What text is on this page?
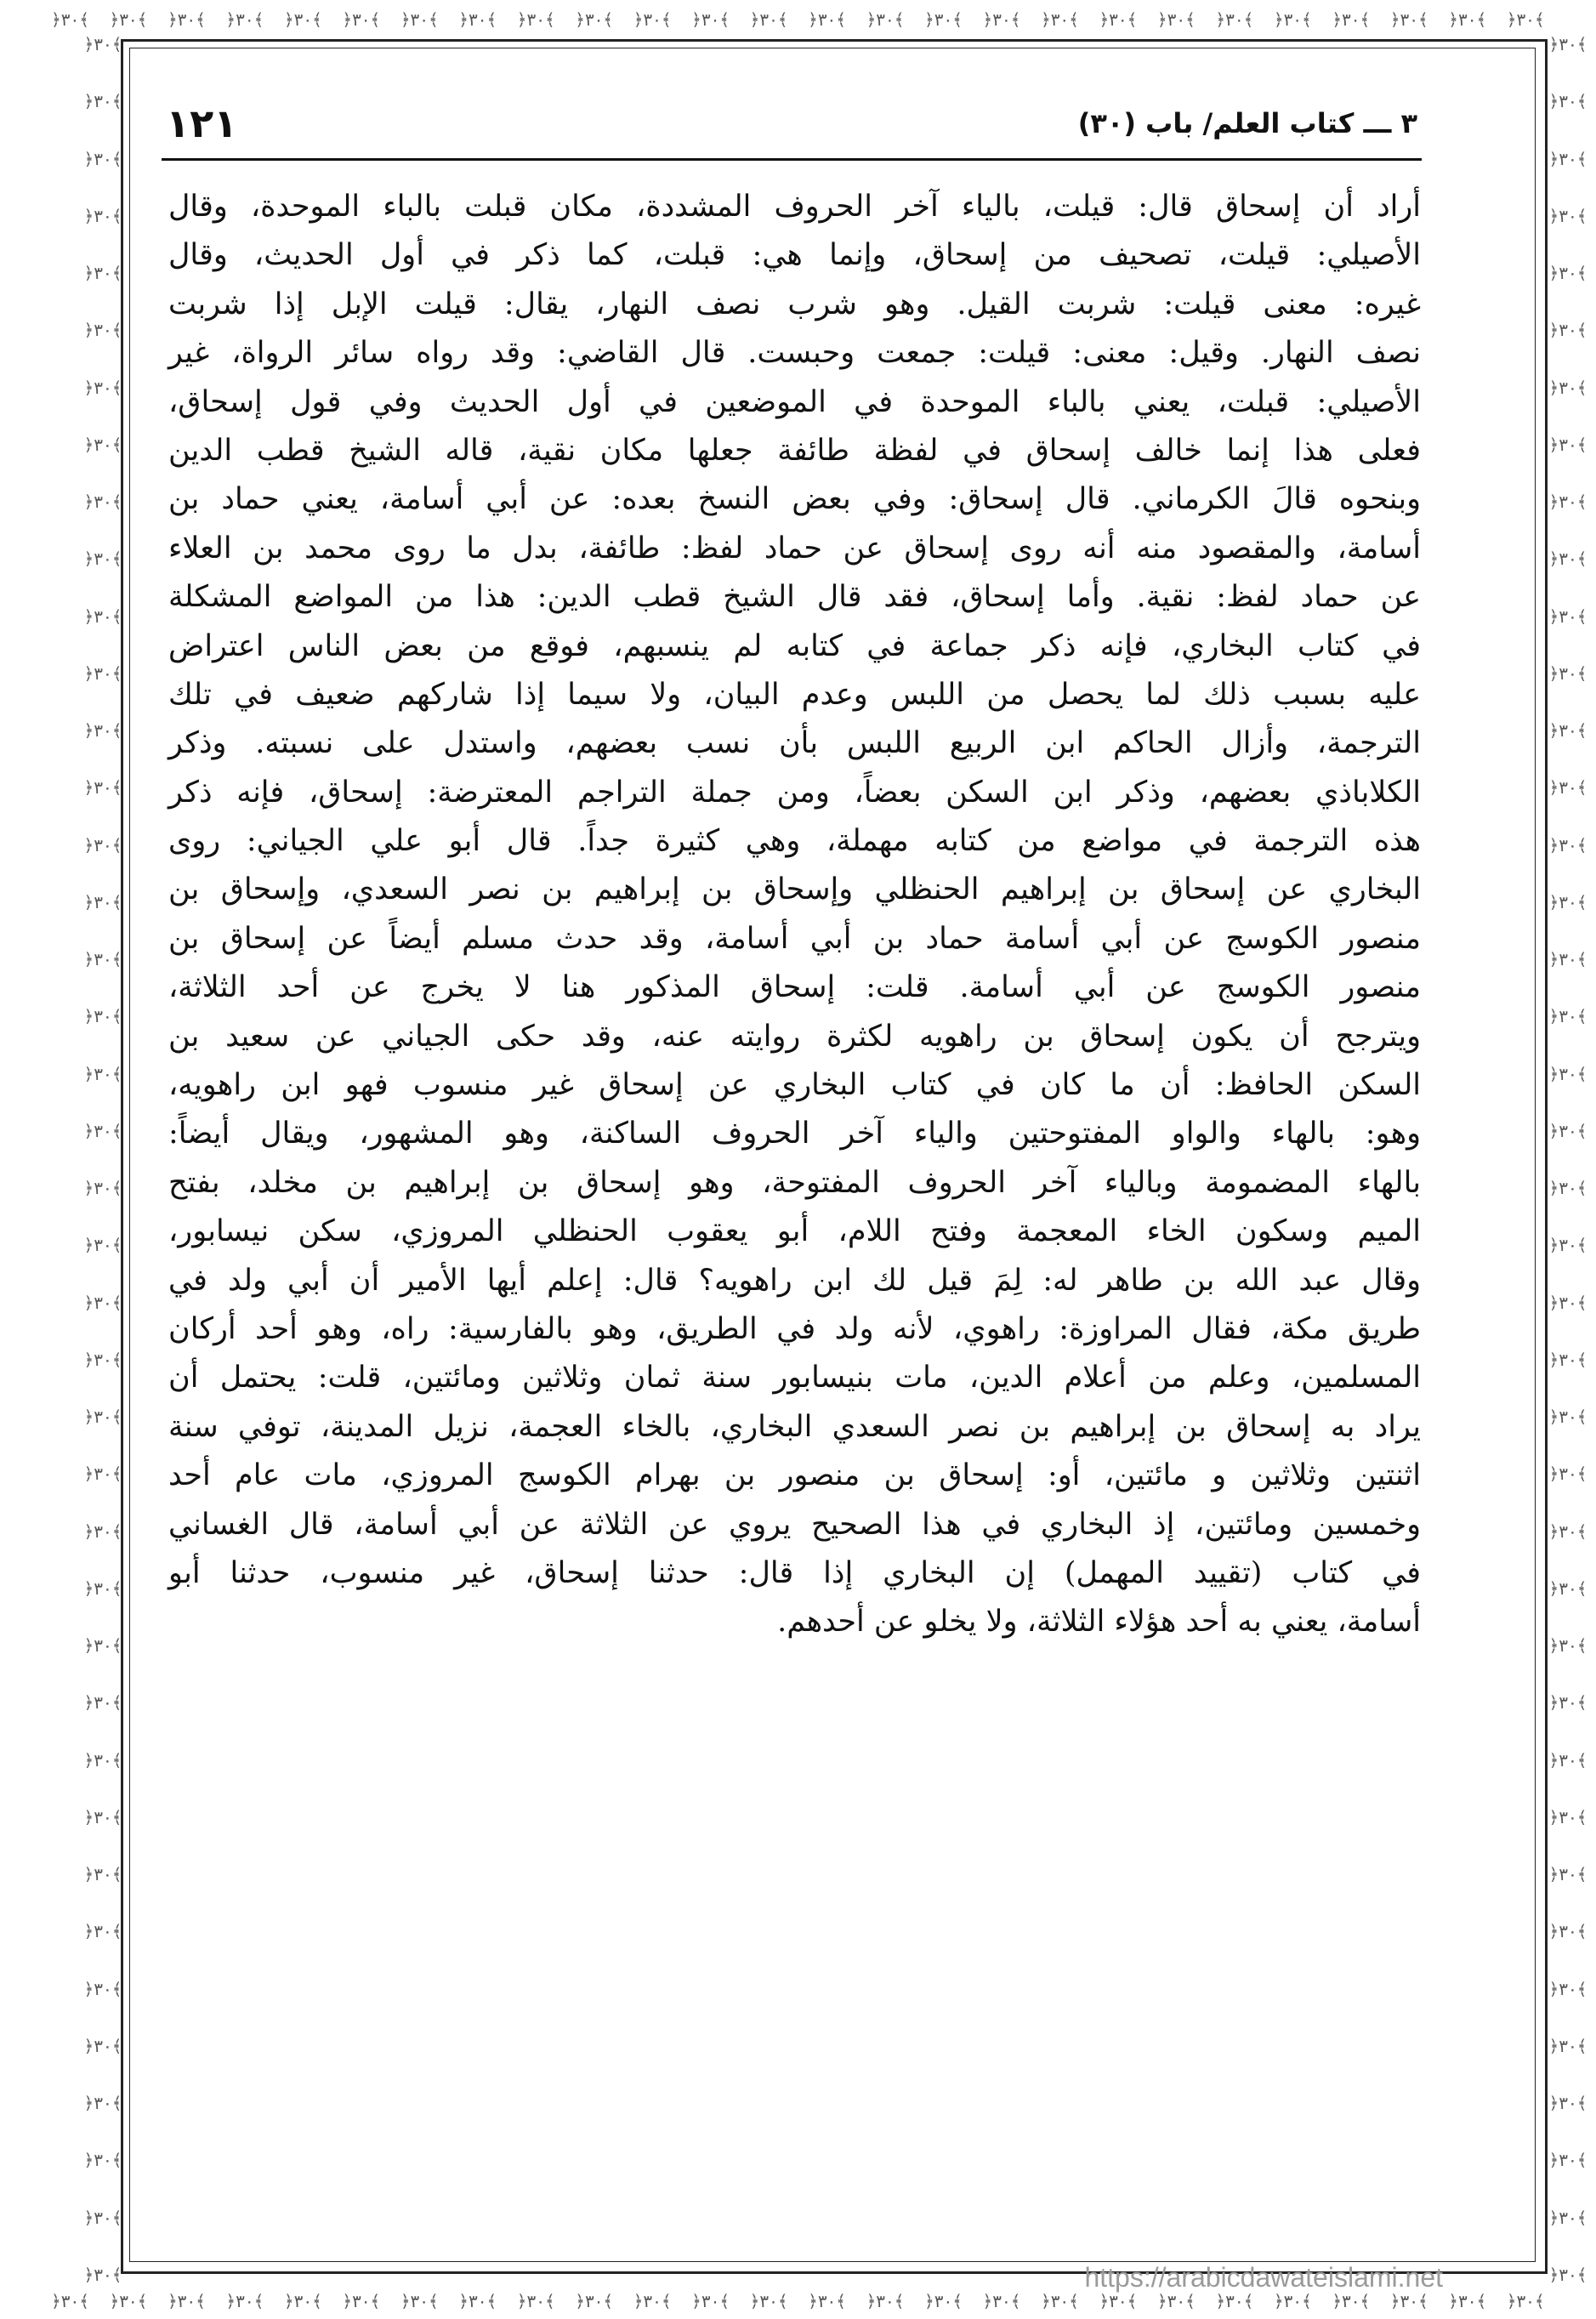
﴿٣٠﴾ ﴿٣٠﴾ ﴿٣٠﴾ ﴿٣٠﴾ ﴿٣٠﴾ ﴿٣٠﴾ ﴿٣٠﴾ ﴿٣٠﴾ ﴿٣٠﴾ ﴿٣٠﴾ ﴿٣٠﴾ ﴿٣٠﴾ ﴿٣٠﴾ ﴿٣٠﴾ ﴿٣٠﴾ ﴿٣٠﴾ ﴿٣٠﴾ ﴿٣٠﴾ ﴿٣٠﴾ ﴿٣٠﴾ ﴿٣٠﴾ ﴿٣٠﴾ ﴿٣٠﴾ ﴿٣٠﴾ ﴿٣٠﴾ ﴿٣٠﴾
﴿٣٠﴾ ﴿٣٠﴾ ﴿٣٠﴾ ﴿٣٠﴾ ﴿٣٠﴾ ﴿٣٠﴾ ﴿٣٠﴾ ﴿٣٠﴾ ﴿٣٠﴾ ﴿٣٠﴾ ﴿٣٠﴾ ﴿٣٠﴾ ﴿٣٠﴾ ﴿٣٠﴾ ﴿٣٠﴾ ﴿٣٠﴾ ﴿٣٠﴾ ﴿٣٠﴾ ﴿٣٠﴾ ﴿٣٠﴾ ﴿٣٠﴾ ﴿٣٠﴾ ﴿٣٠﴾ ﴿٣٠﴾ ﴿٣٠﴾ ﴿٣٠﴾
﴿٣٠﴾
﴿٣٠﴾
﴿٣٠﴾
﴿٣٠﴾
﴿٣٠﴾
﴿٣٠﴾
﴿٣٠﴾
﴿٣٠﴾
﴿٣٠﴾
﴿٣٠﴾
﴿٣٠﴾
﴿٣٠﴾
﴿٣٠﴾
﴿٣٠﴾
﴿٣٠﴾
﴿٣٠﴾
﴿٣٠﴾
﴿٣٠﴾
﴿٣٠﴾
﴿٣٠﴾
﴿٣٠﴾
﴿٣٠﴾
﴿٣٠﴾
﴿٣٠﴾
﴿٣٠﴾
﴿٣٠﴾
﴿٣٠﴾
﴿٣٠﴾
﴿٣٠﴾
﴿٣٠﴾
﴿٣٠﴾
﴿٣٠﴾
﴿٣٠﴾
﴿٣٠﴾
﴿٣٠﴾
﴿٣٠﴾
﴿٣٠﴾
﴿٣٠﴾
﴿٣٠﴾
﴿٣٠﴾
﴿٣٠﴾
﴿٣٠﴾
﴿٣٠﴾
﴿٣٠﴾
﴿٣٠﴾
﴿٣٠﴾
﴿٣٠﴾
﴿٣٠﴾
﴿٣٠﴾
﴿٣٠﴾
﴿٣٠﴾
﴿٣٠﴾
﴿٣٠﴾
﴿٣٠﴾
﴿٣٠﴾
﴿٣٠﴾
﴿٣٠﴾
﴿٣٠﴾
﴿٣٠﴾
﴿٣٠﴾
﴿٣٠﴾
﴿٣٠﴾
﴿٣٠﴾
﴿٣٠﴾
﴿٣٠﴾
﴿٣٠﴾
﴿٣٠﴾
﴿٣٠﴾
﴿٣٠﴾
﴿٣٠﴾
﴿٣٠﴾
﴿٣٠﴾
﴿٣٠﴾
﴿٣٠﴾
﴿٣٠﴾
﴿٣٠﴾
﴿٣٠﴾
﴿٣٠﴾
﴿٣٠﴾
﴿٣٠﴾
٣ ـــ كتاب العلم/ باب (٣٠)
١٢١
أراد أن إسحاق قال: قيلت، بالياء آخر الحروف المشددة، مكان قبلت بالباء الموحدة، وقال
الأصيلي: قيلت، تصحيف من إسحاق، وإنما هي: قبلت، كما ذكر في أول الحديث، وقال
غيره: معنى قيلت: شربت القيل. وهو شرب نصف النهار، يقال: قيلت الإبل إذا شربت
نصف النهار. وقيل: معنى: قيلت: جمعت وحبست. قال القاضي: وقد رواه سائر الرواة، غير
الأصيلي: قبلت، يعني بالباء الموحدة في الموضعين في أول الحديث وفي قول إسحاق،
فعلى هذا إنما خالف إسحاق في لفظة طائفة جعلها مكان نقية، قاله الشيخ قطب الدين
وبنحوه قالَ الكرماني. قال إسحاق: وفي بعض النسخ بعده: عن أبي أسامة، يعني حماد بن
أسامة، والمقصود منه أنه روى إسحاق عن حماد لفظ: طائفة، بدل ما روى محمد بن العلاء
عن حماد لفظ: نقية. وأما إسحاق، فقد قال الشيخ قطب الدين: هذا من المواضع المشكلة
في كتاب البخاري، فإنه ذكر جماعة في كتابه لم ينسبهم، فوقع من بعض الناس اعتراض
عليه بسبب ذلك لما يحصل من اللبس وعدم البيان، ولا سيما إذا شاركهم ضعيف في تلك
الترجمة، وأزال الحاكم ابن الربيع اللبس بأن نسب بعضهم، واستدل على نسبته. وذكر
الكلاباذي بعضهم، وذكر ابن السكن بعضاً، ومن جملة التراجم المعترضة: إسحاق، فإنه ذكر
هذه الترجمة في مواضع من كتابه مهملة، وهي كثيرة جداً. قال أبو علي الجياني: روى
البخاري عن إسحاق بن إبراهيم الحنظلي وإسحاق بن إبراهيم بن نصر السعدي، وإسحاق بن
منصور الكوسج عن أبي أسامة حماد بن أبي أسامة، وقد حدث مسلم أيضاً عن إسحاق بن
منصور الكوسج عن أبي أسامة. قلت: إسحاق المذكور هنا لا يخرج عن أحد الثلاثة،
ويترجح أن يكون إسحاق بن راهويه لكثرة روايته عنه، وقد حكى الجياني عن سعيد بن
السكن الحافظ: أن ما كان في كتاب البخاري عن إسحاق غير منسوب فهو ابن راهويه،
وهو: بالهاء والواو المفتوحتين والياء آخر الحروف الساكنة، وهو المشهور، ويقال أيضاً:
بالهاء المضمومة وبالياء آخر الحروف المفتوحة، وهو إسحاق بن إبراهيم بن مخلد، بفتح
الميم وسكون الخاء المعجمة وفتح اللام، أبو يعقوب الحنظلي المروزي، سكن نيسابور،
وقال عبد الله بن طاهر له: لِمَ قيل لك ابن راهويه؟ قال: إعلم أيها الأمير أن أبي ولد في
طريق مكة، فقال المراوزة: راهوي، لأنه ولد في الطريق، وهو بالفارسية: راه، وهو أحد أركان
المسلمين، وعلم من أعلام الدين، مات بنيسابور سنة ثمان وثلاثين ومائتين، قلت: يحتمل أن
يراد به إسحاق بن إبراهيم بن نصر السعدي البخاري، بالخاء العجمة، نزيل المدينة، توفي سنة
اثنتين وثلاثين و مائتين، أو: إسحاق بن منصور بن بهرام الكوسج المروزي، مات عام أحد
وخمسين ومائتين، إذ البخاري في هذا الصحيح يروي عن الثلاثة عن أبي أسامة، قال الغساني
في كتاب (تقييد المهمل) إن البخاري إذا قال: حدثنا إسحاق، غير منسوب، حدثنا أبو
أسامة، يعني به أحد هؤلاء الثلاثة، ولا يخلو عن أحدهم.
https://arabicdawateislami.net
